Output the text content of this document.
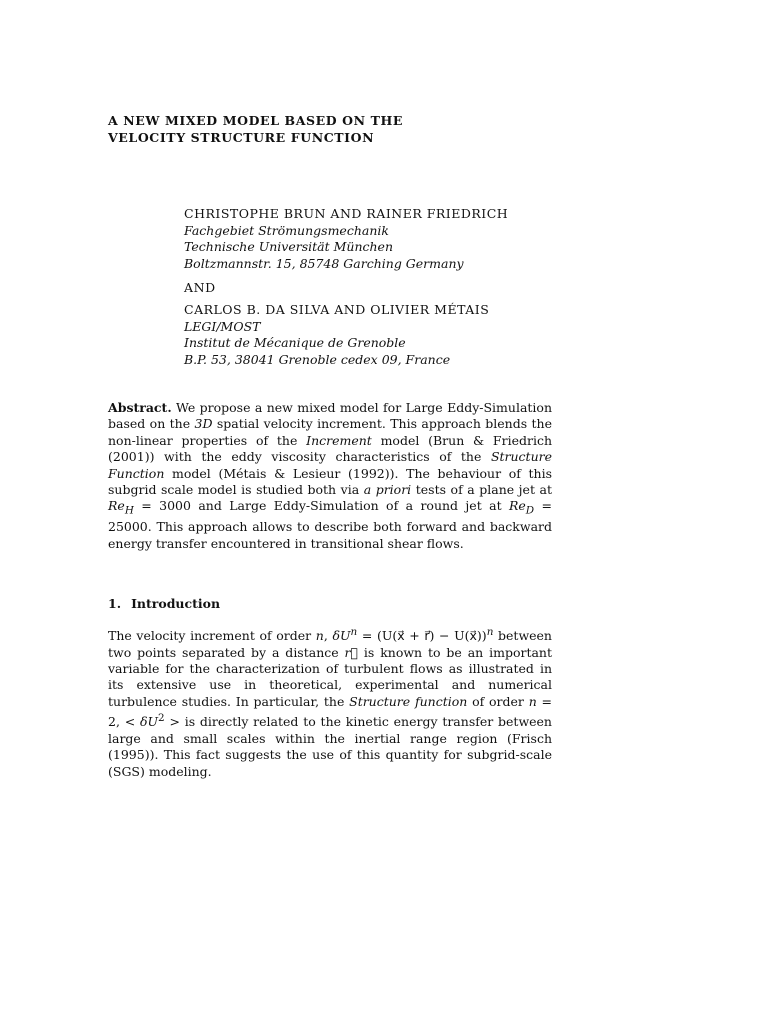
A NEW MIXED MODEL BASED ON THE
VELOCITY STRUCTURE FUNCTION
CHRISTOPHE BRUN AND RAINER FRIEDRICH
Fachgebiet Strömungsmechanik
Technische Universität München
Boltzmannstr. 15, 85748 Garching Germany
AND
CARLOS B. DA SILVA AND OLIVIER MÉTAIS
LEGI/MOST
Institut de Mécanique de Grenoble
B.P. 53, 38041 Grenoble cedex 09, France
Abstract. We propose a new mixed model for Large Eddy-Simulation based on the 3D spatial velocity increment. This approach blends the non-linear properties of the Increment model (Brun & Friedrich (2001)) with the eddy viscosity characteristics of the Structure Function model (Métais & Lesieur (1992)). The behaviour of this subgrid scale model is studied both via a priori tests of a plane jet at $Re_H = 3000$ and Large Eddy-Simulation of a round jet at $Re_D = 25000$. This approach allows to describe both forward and backward energy transfer encountered in transitional shear flows.
1. Introduction
The velocity increment of order n, $\delta U^n$ = (U(x⃗ + r⃗) − U(x⃗))$^n$ between two points separated by a distance r⃗ is known to be an important variable for the characterization of turbulent flows as illustrated in its extensive use in theoretical, experimental and numerical turbulence studies. In particular, the Structure function of order n = 2, < $\delta U^2$ > is directly related to the kinetic energy transfer between large and small scales within the inertial range region (Frisch (1995)). This fact suggests the use of this quantity for subgrid-scale (SGS) modeling.
